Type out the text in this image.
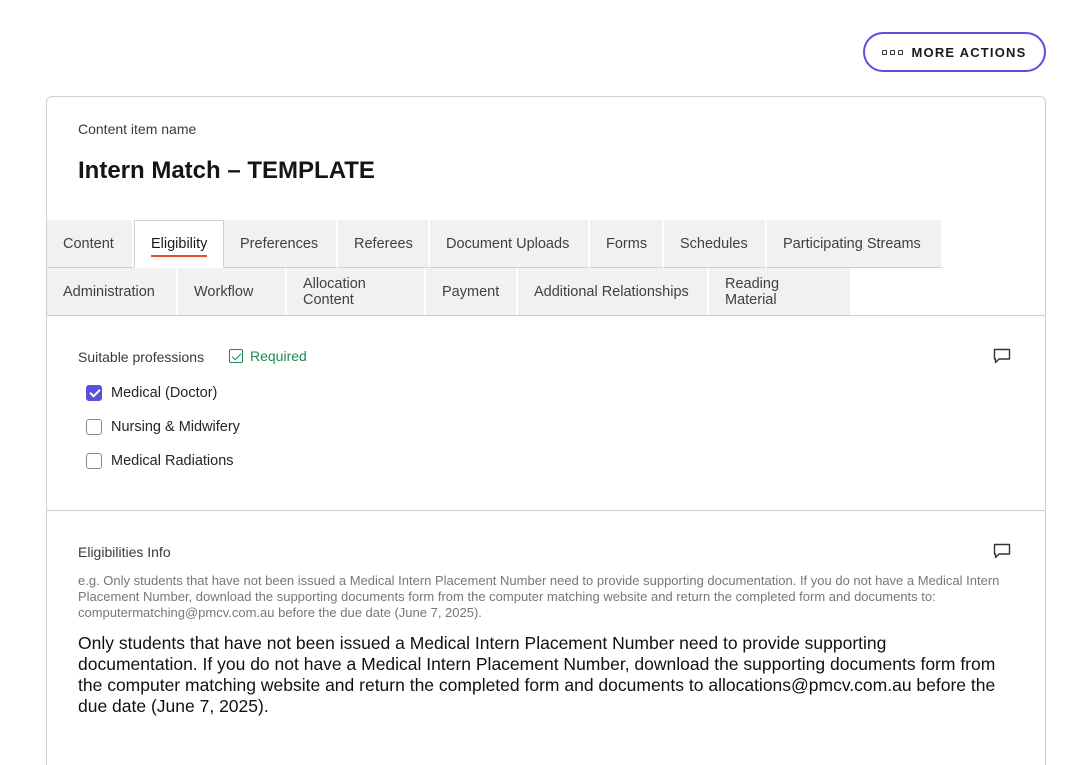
MORE ACTIONS
Content item name
Intern Match – TEMPLATE
Content	Eligibility Preferences Referees Document Uploads	Forms Schedules Participating Streams
Administration	Workflow	Allocation Content	Payment Additional Relationships Reading Material
Suitable professions	Required
Medical (Doctor)
Nursing & Midwifery
Medical Radiations
Eligibilities Info
e.g. Only students that have not been issued a Medical Intern Placement Number need to provide supporting documentation. If you do not have a Medical Intern Placement Number, download the supporting documents form from the computer matching website and return the completed form and documents to: computermatching@pmcv.com.au before the due date (June 7, 2025).
Only students that have not been issued a Medical Intern Placement Number need to provide supporting documentation. If you do not have a Medical Intern Placement Number, download the supporting documents form from the computer matching website and return the completed form and documents to allocations@pmcv.com.au before the due date (June 7, 2025).
